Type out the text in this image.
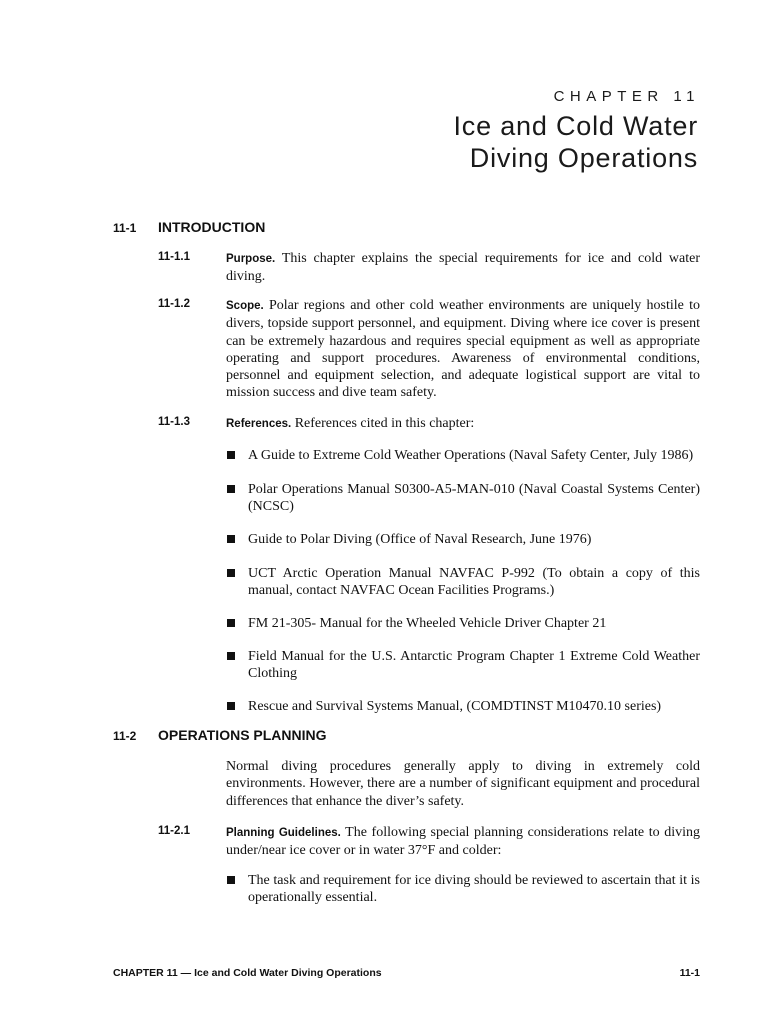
CHAPTER 11
Ice and Cold Water
Diving Operations
11-1 INTRODUCTION
11-1.1	Purpose. This chapter explains the special requirements for ice and cold water diving.
11-1.2	Scope. Polar regions and other cold weather environments are uniquely hostile to divers, topside support personnel, and equipment. Diving where ice cover is present can be extremely hazardous and requires special equipment as well as appropriate operating and support procedures. Awareness of environmental conditions, personnel and equipment selection, and adequate logistical support are vital to mission success and dive team safety.
11-1.3	References. References cited in this chapter:
A Guide to Extreme Cold Weather Operations (Naval Safety Center, July 1986)
Polar Operations Manual S0300-A5-MAN-010 (Naval Coastal Systems Center) (NCSC)
Guide to Polar Diving (Office of Naval Research, June 1976)
UCT Arctic Operation Manual NAVFAC P-992 (To obtain a copy of this manual, contact NAVFAC Ocean Facilities Programs.)
FM 21-305- Manual for the Wheeled Vehicle Driver Chapter 21
Field Manual for the U.S. Antarctic Program Chapter 1 Extreme Cold Weather Clothing
Rescue and Survival Systems Manual, (COMDTINST M10470.10 series)
11-2 OPERATIONS PLANNING
Normal diving procedures generally apply to diving in extremely cold environments. However, there are a number of significant equipment and procedural differences that enhance the diver’s safety.
11-2.1	Planning Guidelines. The following special planning considerations relate to diving under/near ice cover or in water 37°F and colder:
The task and requirement for ice diving should be reviewed to ascertain that it is operationally essential.
CHAPTER 11 — Ice and Cold Water Diving Operations	11-1
